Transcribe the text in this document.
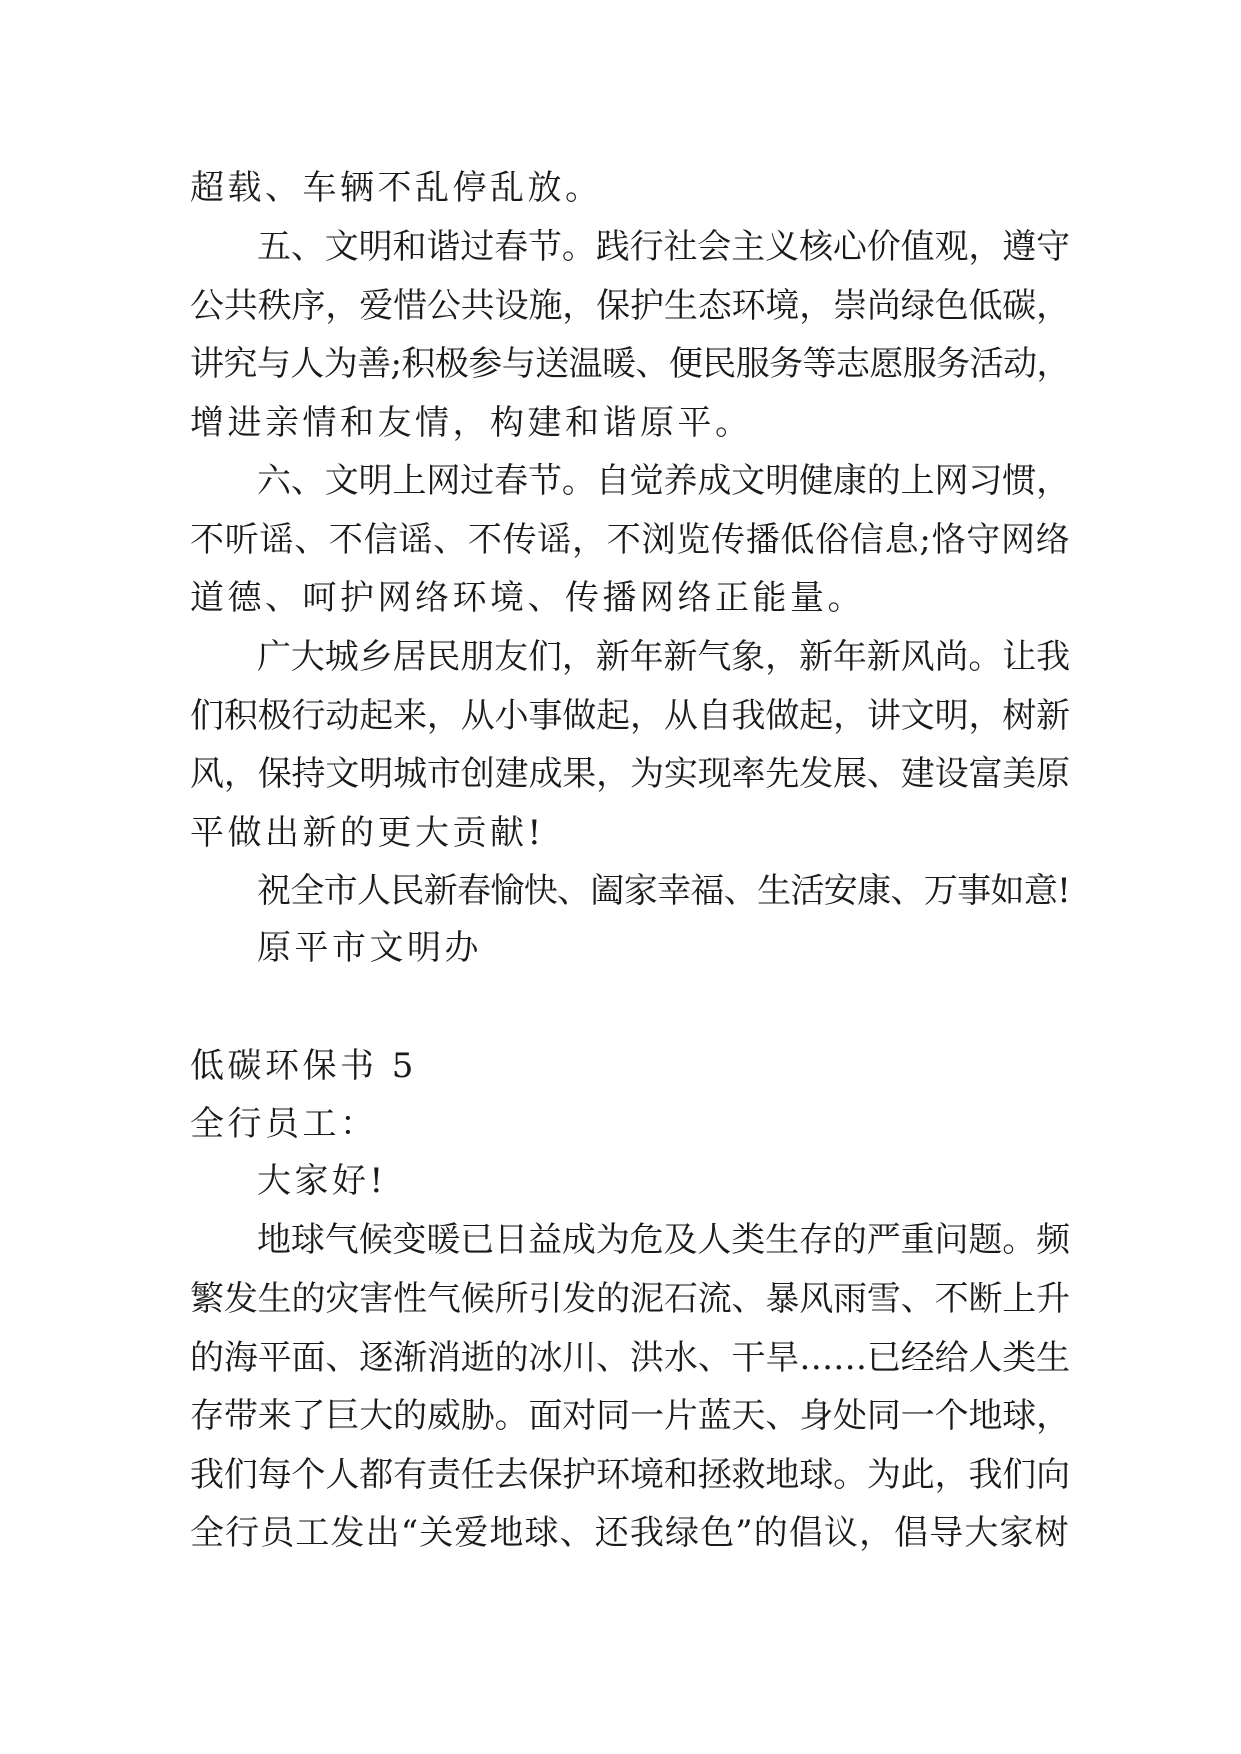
超载、车辆不乱停乱放。
五、文明和谐过春节。践行社会主义核心价值观，遵守
公共秩序，爱惜公共设施，保护生态环境，崇尚绿色低碳，
讲究与人为善;积极参与送温暖、便民服务等志愿服务活动，
增进亲情和友情，构建和谐原平。
六、文明上网过春节。自觉养成文明健康的上网习惯，
不听谣、不信谣、不传谣，不浏览传播低俗信息;恪守网络
道德、呵护网络环境、传播网络正能量。
广大城乡居民朋友们，新年新气象，新年新风尚。让我
们积极行动起来，从小事做起，从自我做起，讲文明，树新
风，保持文明城市创建成果，为实现率先发展、建设富美原
平做出新的更大贡献!
祝全市人民新春愉快、阖家幸福、生活安康、万事如意!
原平市文明办
低碳环保书 5
全行员工：
大家好!
地球气候变暖已日益成为危及人类生存的严重问题。频
繁发生的灾害性气候所引发的泥石流、暴风雨雪、不断上升
的海平面、逐渐消逝的冰川、洪水、干旱……已经给人类生
存带来了巨大的威胁。面对同一片蓝天、身处同一个地球，
我们每个人都有责任去保护环境和拯救地球。为此，我们向
全行员工发出“关爱地球、还我绿色”的倡议，倡导大家树
